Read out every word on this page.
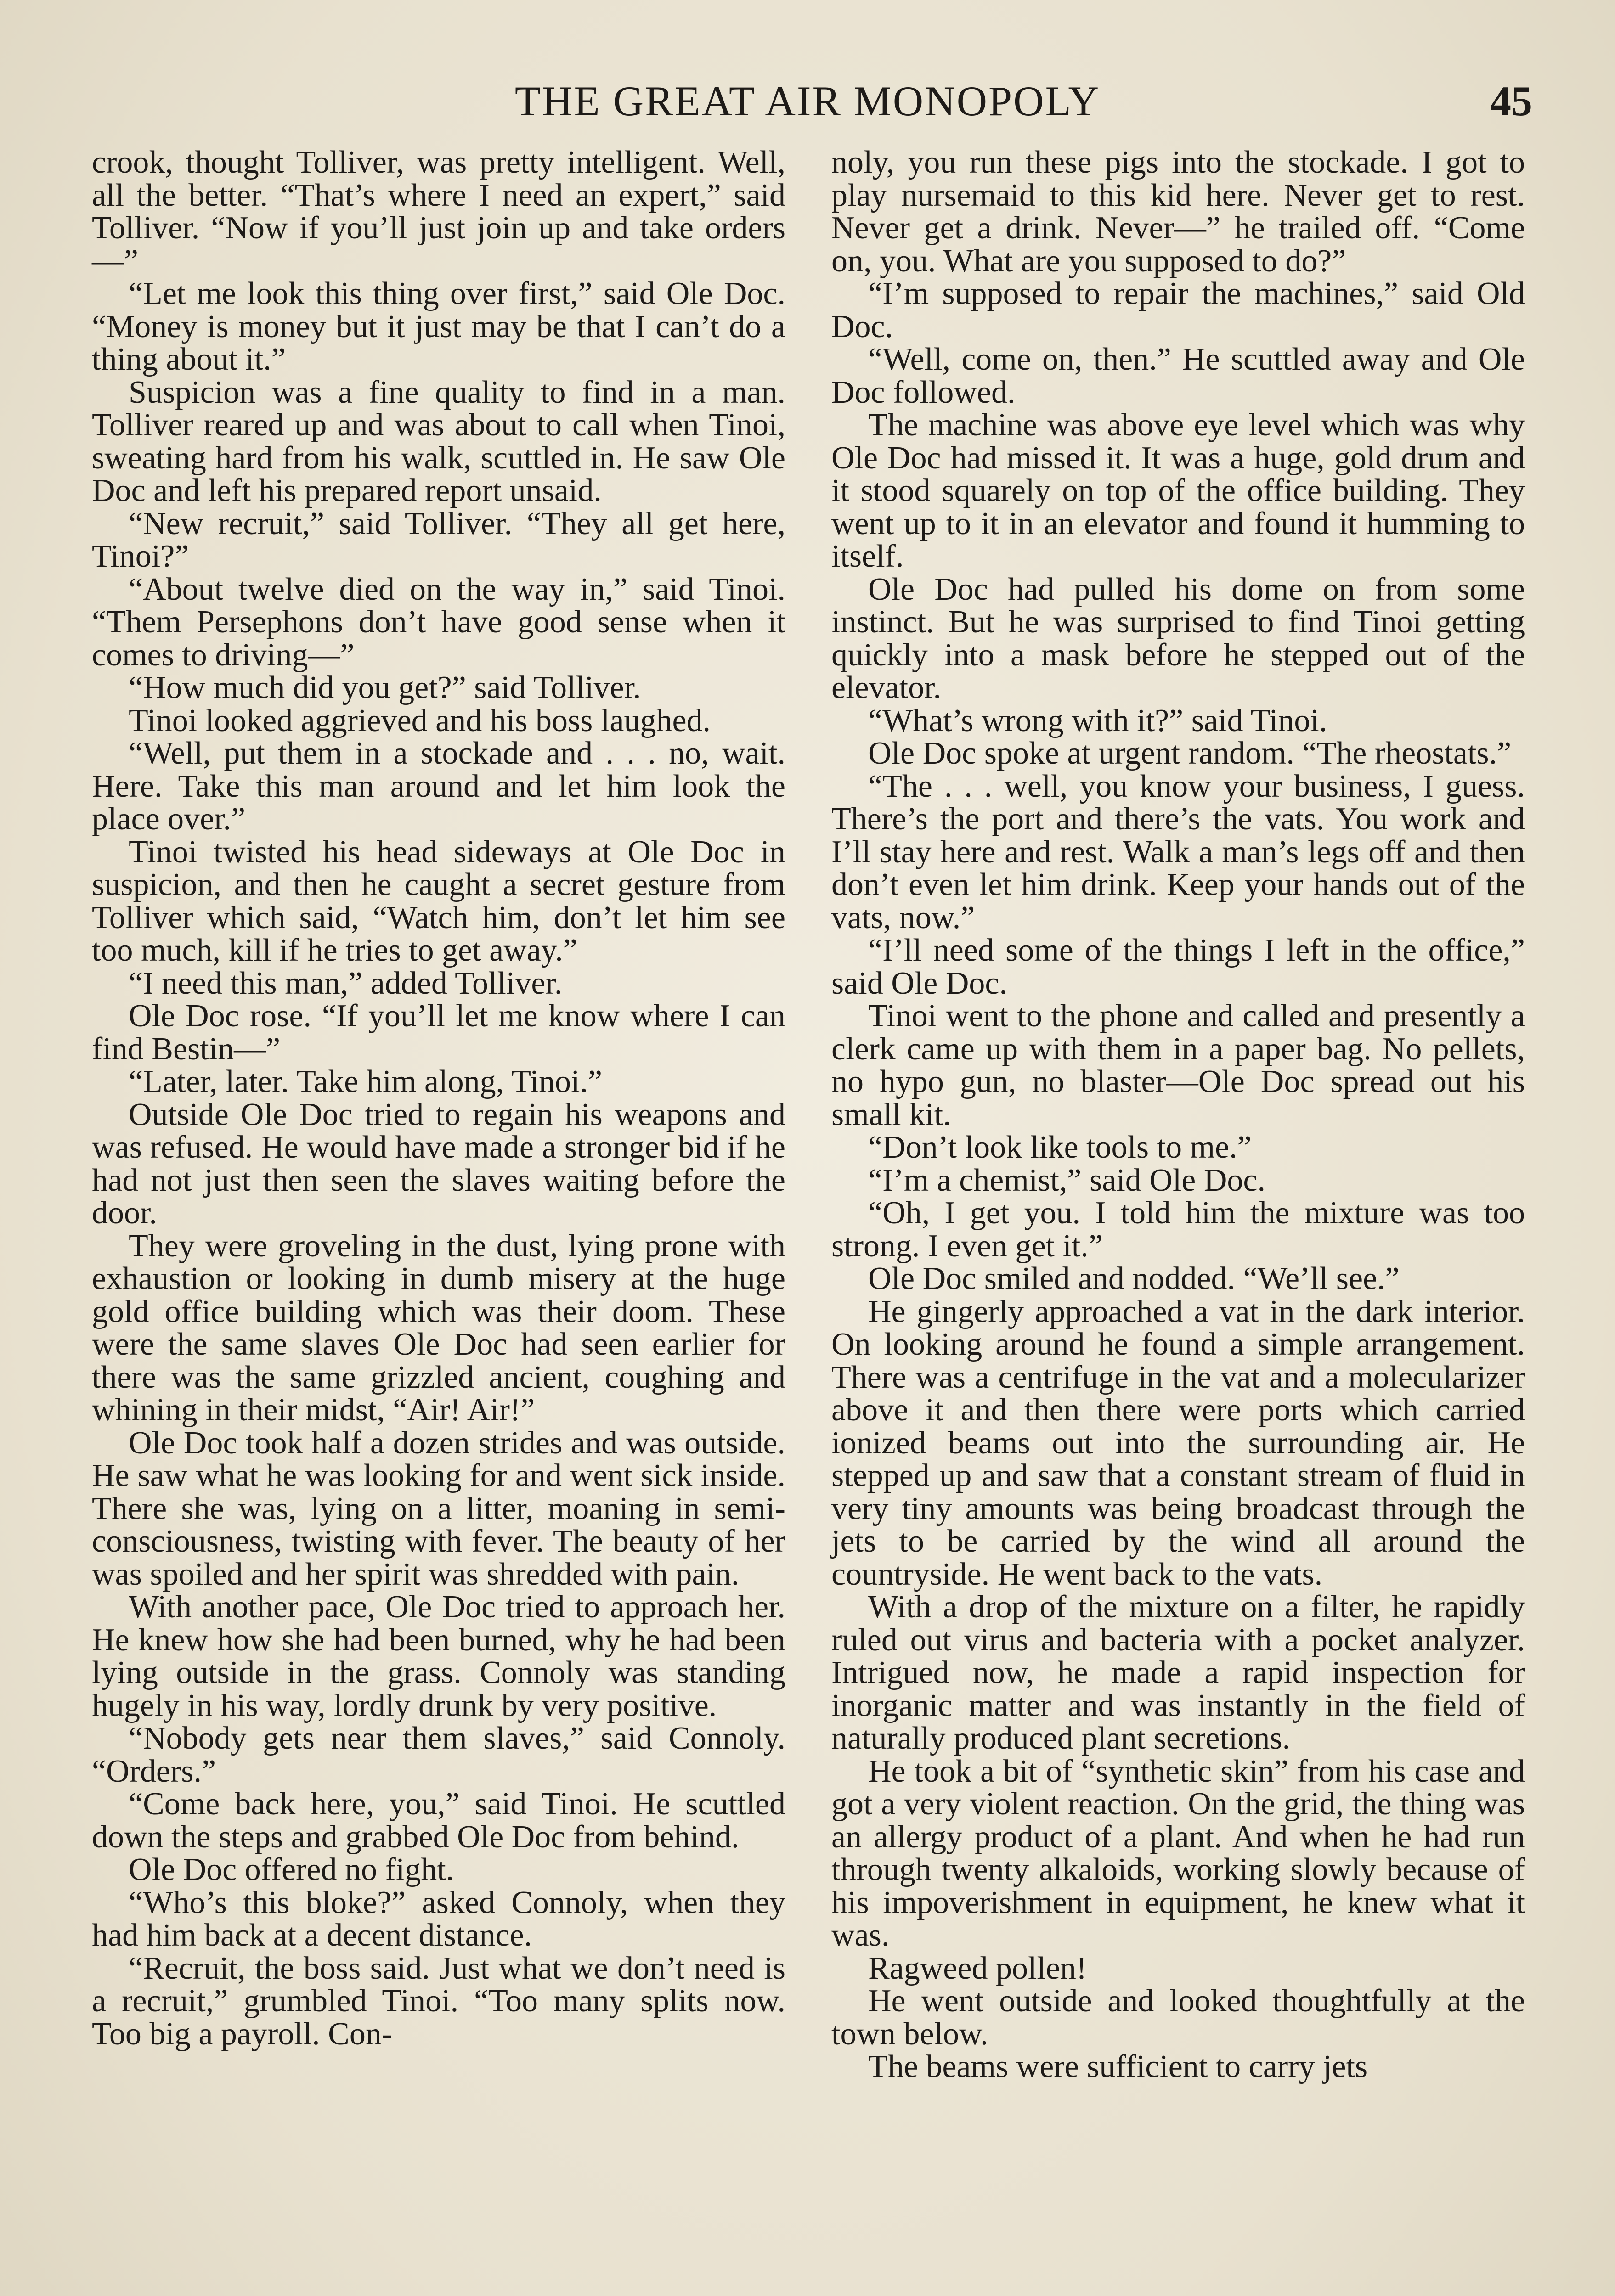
THE GREAT AIR MONOPOLY	45

crook, thought Tolliver, was pretty intelligent. Well, all the better. “That’s where I need an expert,” said Tolliver. “Now if you’ll just join up and take orders—”

“Let me look this thing over first,” said Ole Doc. “Money is money but it just may be that I can’t do a thing about it.”

Suspicion was a fine quality to find in a man. Tolliver reared up and was about to call when Tinoi, sweating hard from his walk, scuttled in. He saw Ole Doc and left his prepared report unsaid.

“New recruit,” said Tolliver. “They all get here, Tinoi?”

“About twelve died on the way in,” said Tinoi. “Them Persephons don’t have good sense when it comes to driving—”

“How much did you get?” said Tolliver.

Tinoi looked aggrieved and his boss laughed.

“Well, put them in a stockade and . . . no, wait. Here. Take this man around and let him look the place over.”

Tinoi twisted his head sideways at Ole Doc in suspicion, and then he caught a secret gesture from Tolliver which said, “Watch him, don’t let him see too much, kill if he tries to get away.”

“I need this man,” added Tolliver.

Ole Doc rose. “If you’ll let me know where I can find Bestin—”

“Later, later. Take him along, Tinoi.”

Outside Ole Doc tried to regain his weapons and was refused. He would have made a stronger bid if he had not just then seen the slaves waiting before the door.

They were groveling in the dust, lying prone with exhaustion or looking in dumb misery at the huge gold office building which was their doom. These were the same slaves Ole Doc had seen earlier for there was the same grizzled ancient, coughing and whining in their midst, “Air! Air!”

Ole Doc took half a dozen strides and was outside. He saw what he was looking for and went sick inside. There she was, lying on a litter, moaning in semi-consciousness, twisting with fever. The beauty of her was spoiled and her spirit was shredded with pain.

With another pace, Ole Doc tried to approach her. He knew how she had been burned, why he had been lying outside in the grass. Connoly was standing hugely in his way, lordly drunk by very positive.

“Nobody gets near them slaves,” said Connoly. “Orders.”

“Come back here, you,” said Tinoi. He scuttled down the steps and grabbed Ole Doc from behind.

Ole Doc offered no fight.

“Who’s this bloke?” asked Connoly, when they had him back at a decent distance.

“Recruit, the boss said. Just what we don’t need is a recruit,” grumbled Tinoi. “Too many splits now. Too big a payroll. Con-

noly, you run these pigs into the stockade. I got to play nursemaid to this kid here. Never get to rest. Never get a drink. Never—” he trailed off. “Come on, you. What are you supposed to do?”

“I’m supposed to repair the machines,” said Old Doc.

“Well, come on, then.” He scuttled away and Ole Doc followed.

The machine was above eye level which was why Ole Doc had missed it. It was a huge, gold drum and it stood squarely on top of the office building. They went up to it in an elevator and found it humming to itself.

Ole Doc had pulled his dome on from some instinct. But he was surprised to find Tinoi getting quickly into a mask before he stepped out of the elevator.

“What’s wrong with it?” said Tinoi.

Ole Doc spoke at urgent random. “The rheostats.”

“The . . . well, you know your business, I guess. There’s the port and there’s the vats. You work and I’ll stay here and rest. Walk a man’s legs off and then don’t even let him drink. Keep your hands out of the vats, now.”

“I’ll need some of the things I left in the office,” said Ole Doc.

Tinoi went to the phone and called and presently a clerk came up with them in a paper bag. No pellets, no hypo gun, no blaster—Ole Doc spread out his small kit.

“Don’t look like tools to me.”

“I’m a chemist,” said Ole Doc.

“Oh, I get you. I told him the mixture was too strong. I even get it.”

Ole Doc smiled and nodded. “We’ll see.”

He gingerly approached a vat in the dark interior. On looking around he found a simple arrangement. There was a centrifuge in the vat and a molecularizer above it and then there were ports which carried ionized beams out into the surrounding air. He stepped up and saw that a constant stream of fluid in very tiny amounts was being broadcast through the jets to be carried by the wind all around the countryside. He went back to the vats.

With a drop of the mixture on a filter, he rapidly ruled out virus and bacteria with a pocket analyzer. Intrigued now, he made a rapid inspection for inorganic matter and was instantly in the field of naturally produced plant secretions.

He took a bit of “synthetic skin” from his case and got a very violent reaction. On the grid, the thing was an allergy product of a plant. And when he had run through twenty alkaloids, working slowly because of his impoverishment in equipment, he knew what it was.

Ragweed pollen!

He went outside and looked thoughtfully at the town below.

The beams were sufficient to carry jets
